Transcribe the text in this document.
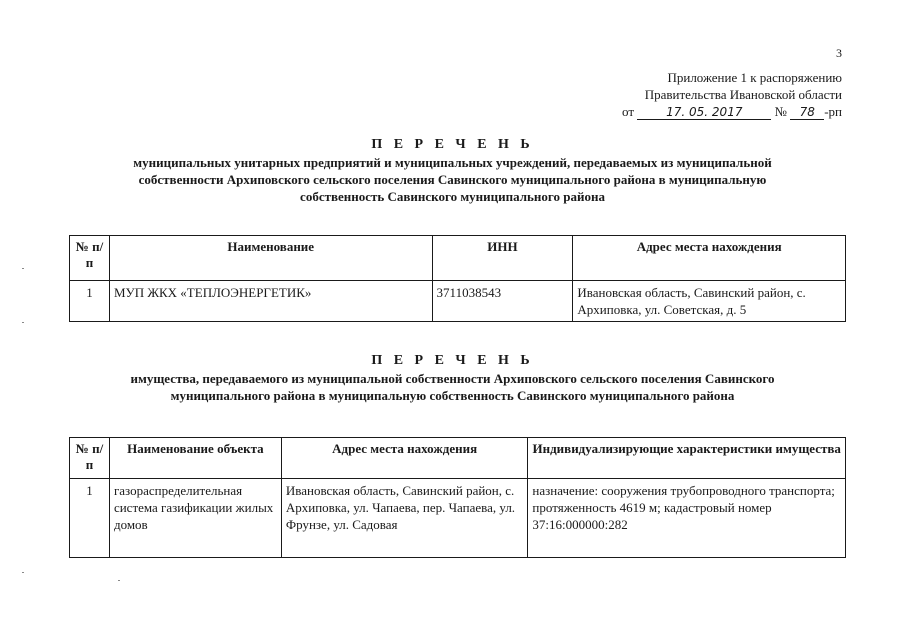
3
Приложение 1 к распоряжению
Правительства Ивановской области
от	17. 05. 2017 № 78 -рп
П Е Р Е Ч Е Н Ь
муниципальных унитарных предприятий и муниципальных учреждений, передаваемых из муниципальной
собственности Архиповского сельского поселения Савинского муниципального района в муниципальную
собственность Савинского муниципального района
№ п/п	Наименование	ИНН	Адрес места нахождения
1	МУП ЖКХ «ТЕПЛОЭНЕРГЕТИК»	3711038543	Ивановская область, Савинский район, с. Архиповка, ул. Советская, д. 5
П Е Р Е Ч Е Н Ь
имущества, передаваемого из муниципальной собственности Архиповского сельского поселения Савинского
муниципального района в муниципальную собственность Савинского муниципального района
№ п/п	Наименование объекта	Адрес места нахождения	Индивидуализирующие характеристики имущества
1	газораспределительная система газификации жилых домов	Ивановская область, Савинский район, с. Архиповка, ул. Чапаева, пер. Чапаева, ул. Фрунзе, ул. Садовая	назначение: сооружения трубопроводного транспорта; протяженность 4619 м; кадастровый номер 37:16:000000:282
